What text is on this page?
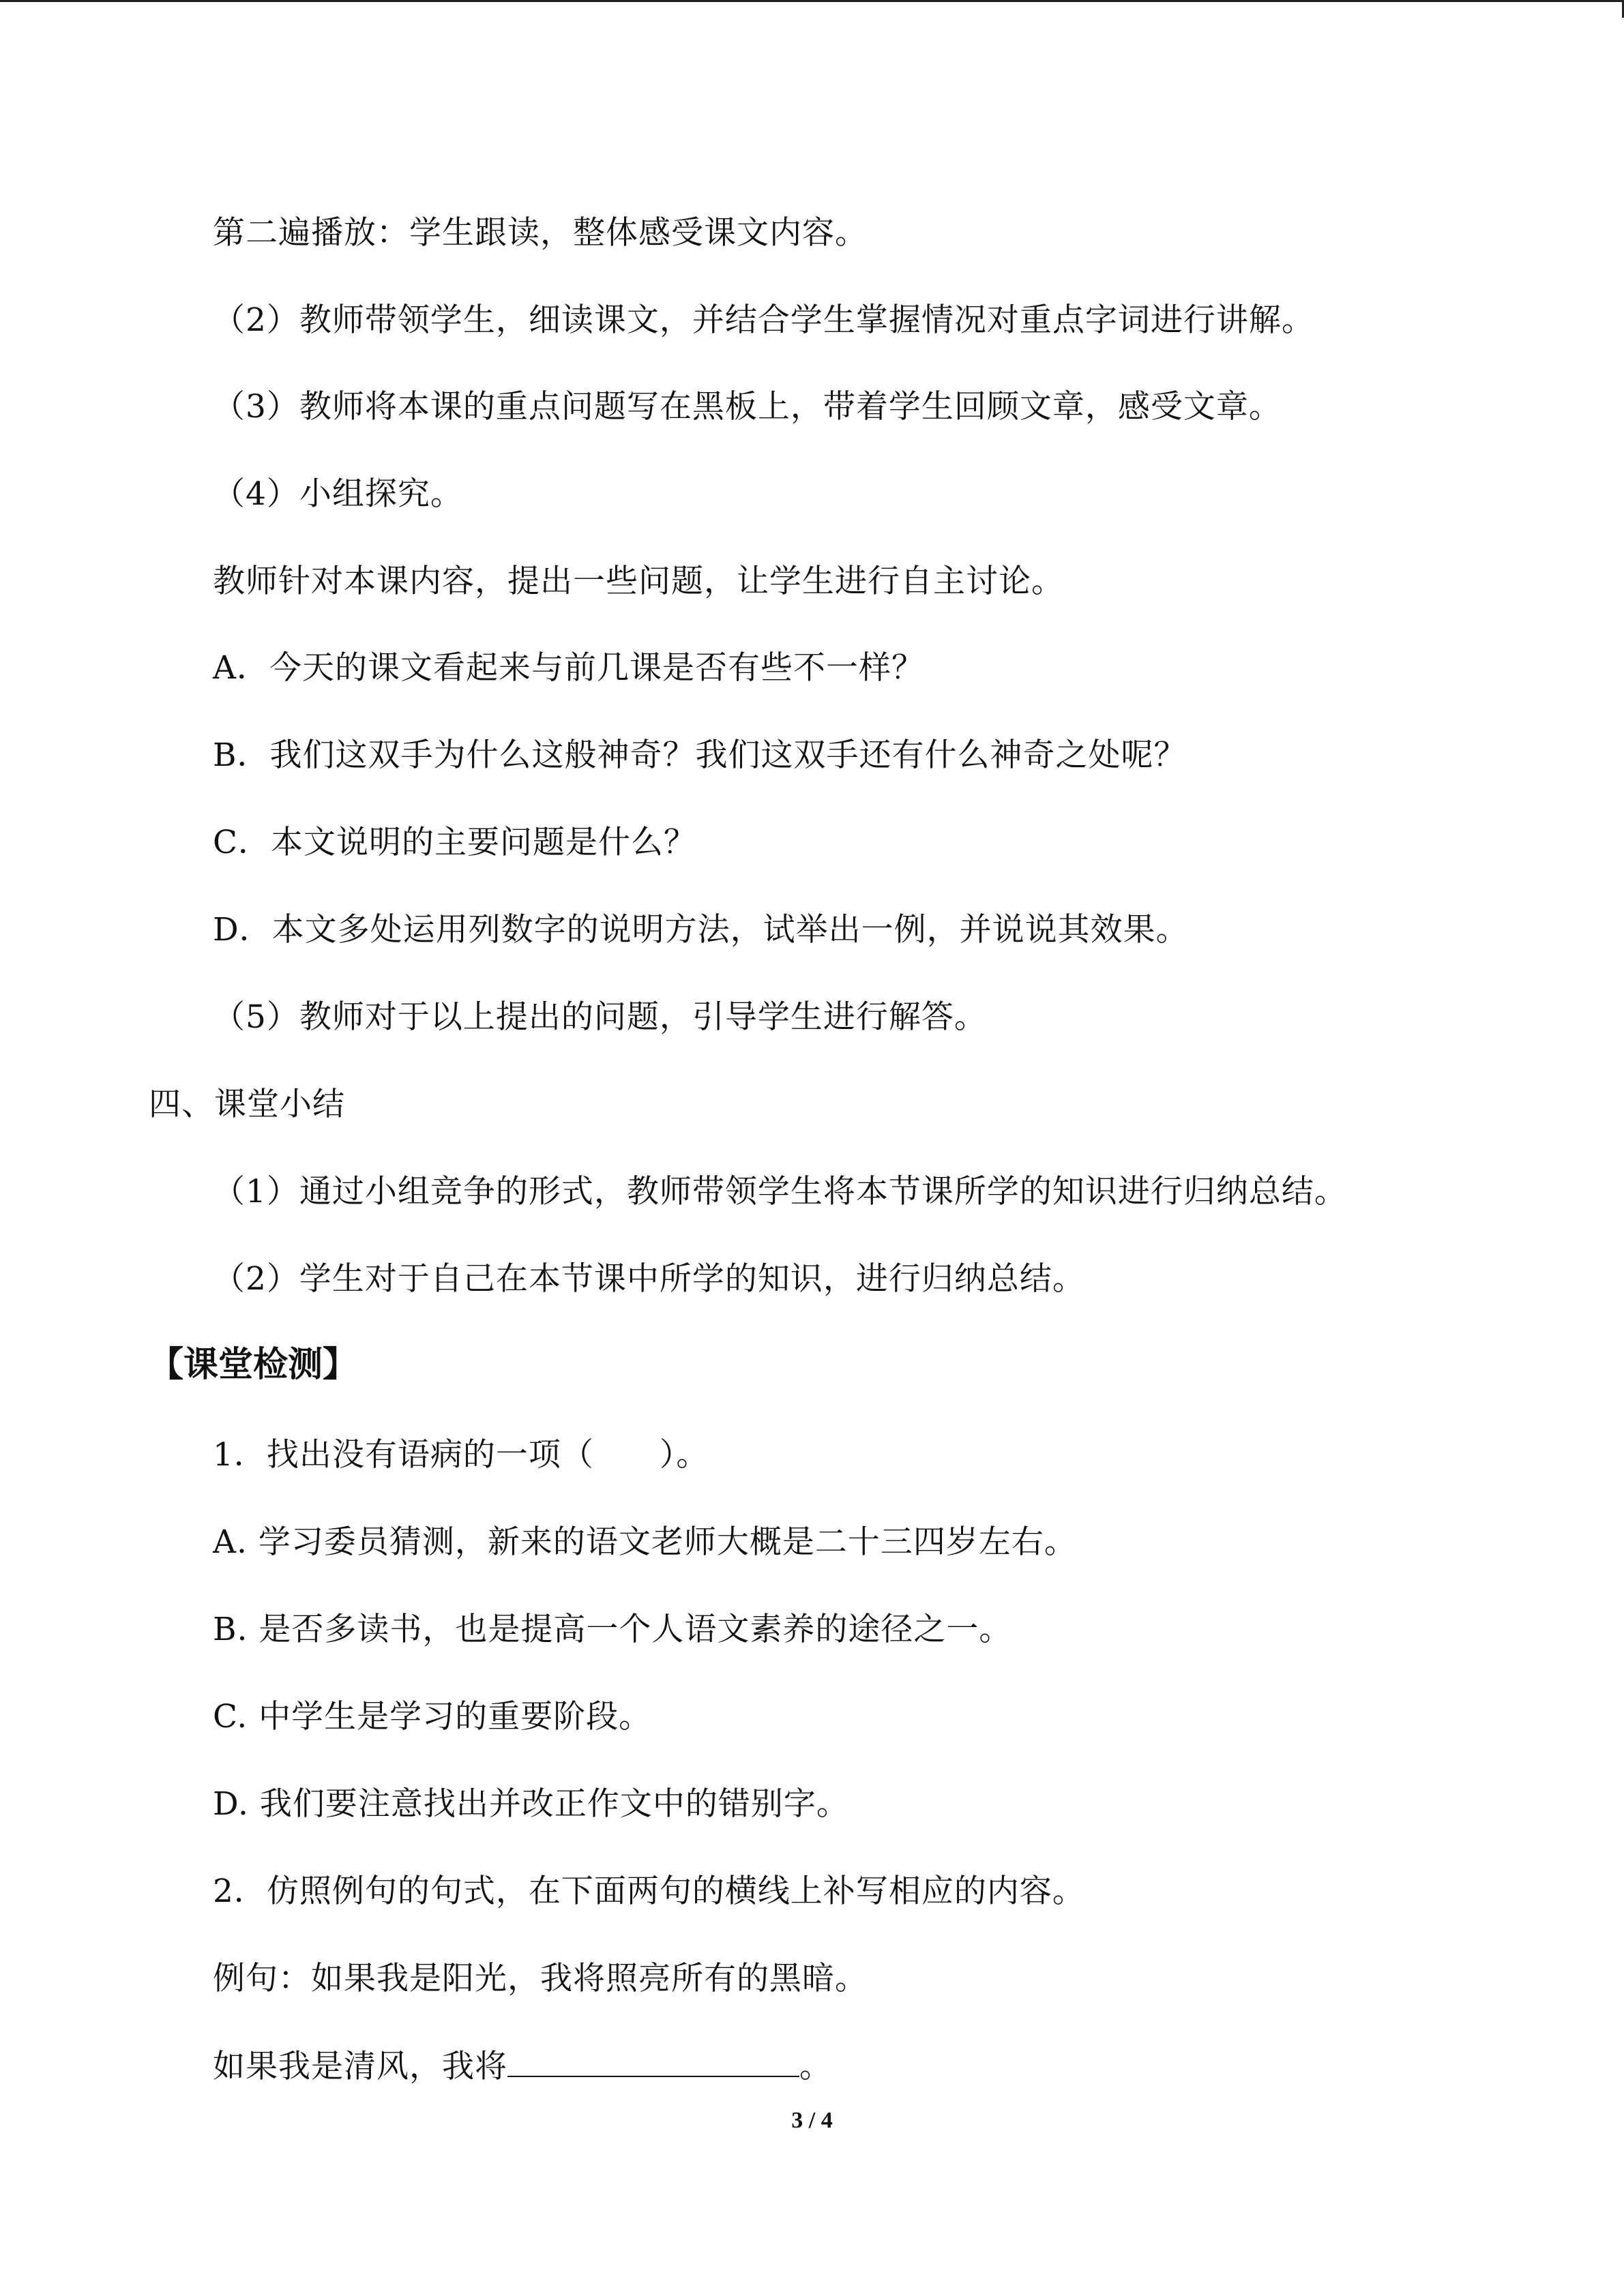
第二遍播放：学生跟读，整体感受课文内容。
（2）教师带领学生，细读课文，并结合学生掌握情况对重点字词进行讲解。
（3）教师将本课的重点问题写在黑板上，带着学生回顾文章，感受文章。
（4）小组探究。
教师针对本课内容，提出一些问题，让学生进行自主讨论。
A．今天的课文看起来与前几课是否有些不一样？
B．我们这双手为什么这般神奇？我们这双手还有什么神奇之处呢？
C．本文说明的主要问题是什么？
D．本文多处运用列数字的说明方法，试举出一例，并说说其效果。
（5）教师对于以上提出的问题，引导学生进行解答。
四、课堂小结
（1）通过小组竞争的形式，教师带领学生将本节课所学的知识进行归纳总结。
（2）学生对于自己在本节课中所学的知识，进行归纳总结。
【课堂检测】
1．找出没有语病的一项（　　）。
A. 学习委员猜测，新来的语文老师大概是二十三四岁左右。
B. 是否多读书，也是提高一个人语文素养的途径之一。
C. 中学生是学习的重要阶段。
D. 我们要注意找出并改正作文中的错别字。
2．仿照例句的句式，在下面两句的横线上补写相应的内容。
例句：如果我是阳光，我将照亮所有的黑暗。
如果我是清风，我将	。
3 / 4
